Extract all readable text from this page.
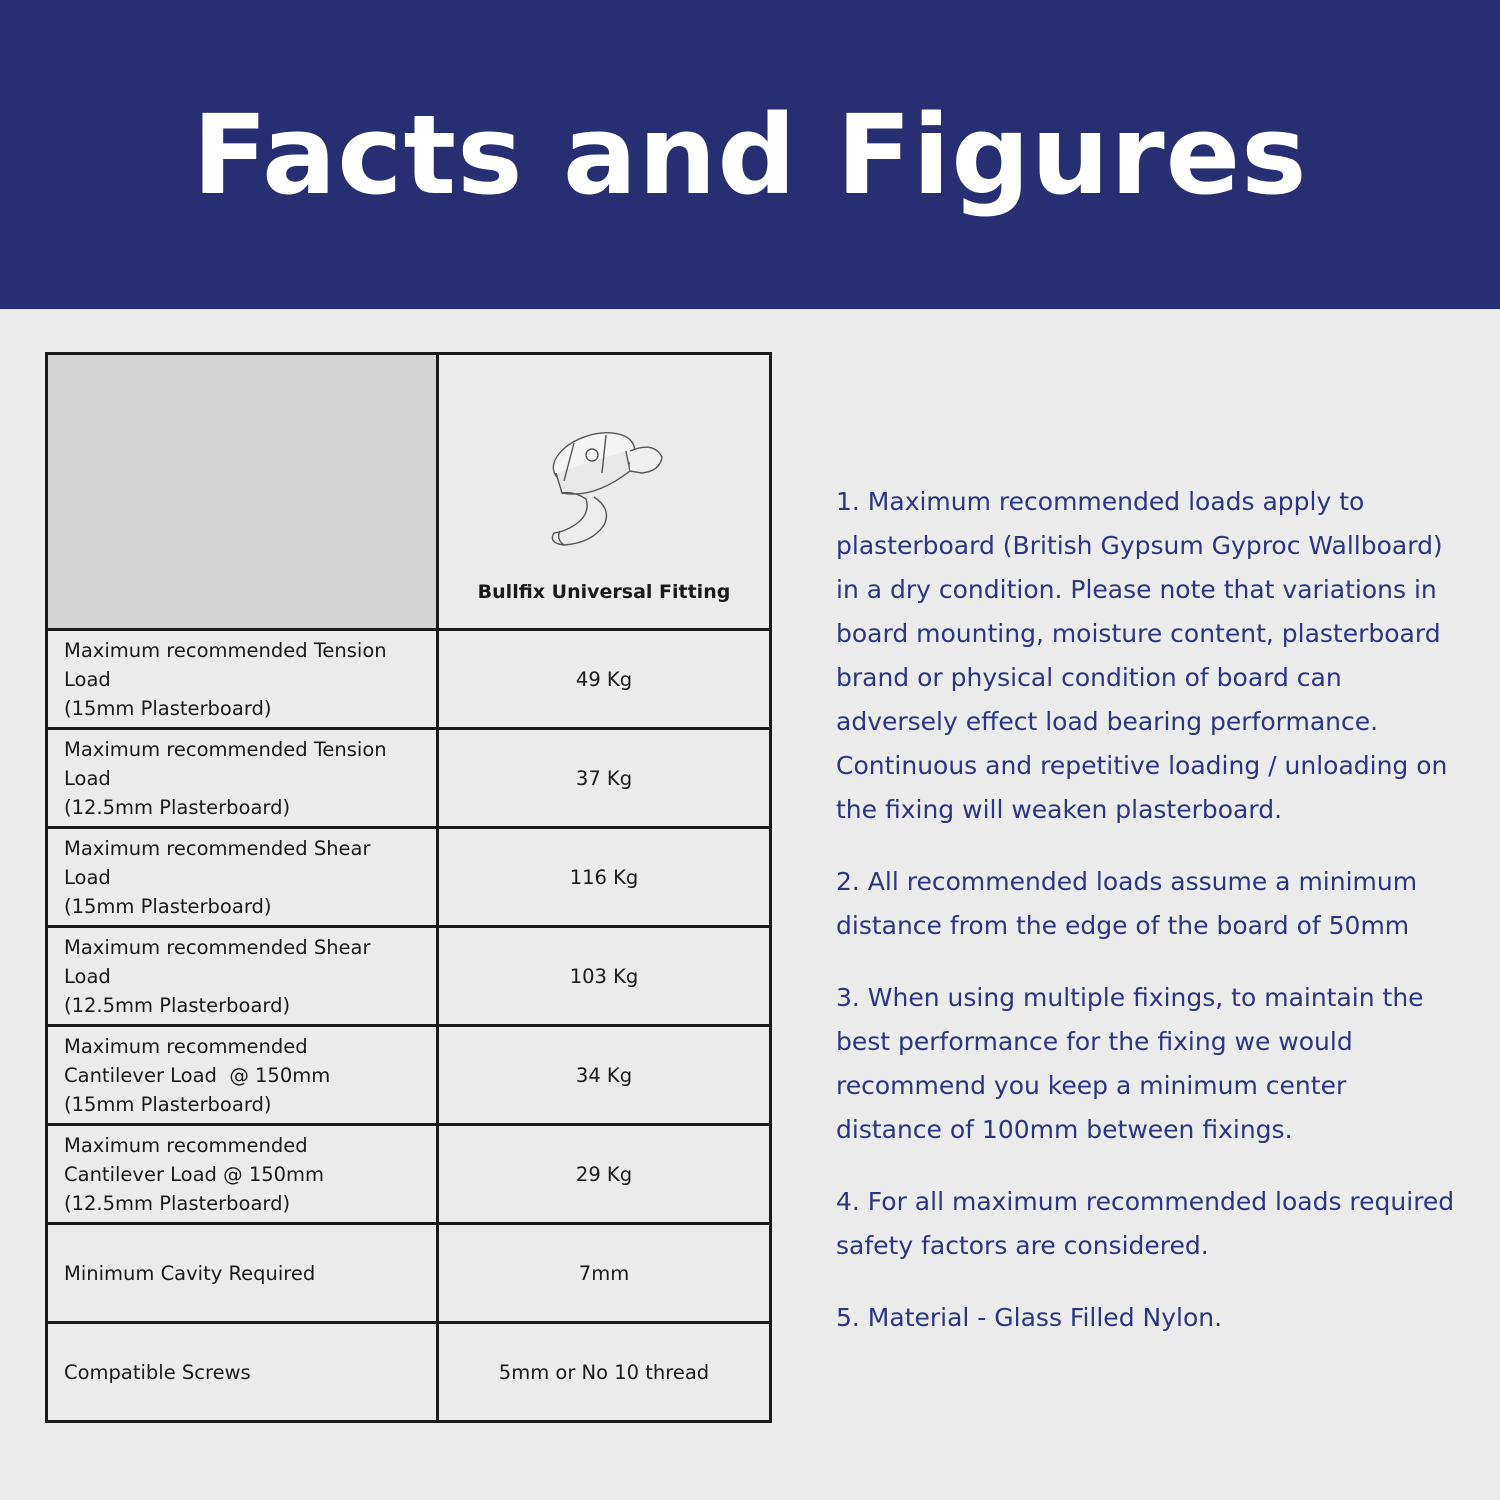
Facts and Figures

	Bullfix Universal Fitting

Maximum recommended Tension
Load
(15mm Plasterboard)	49 Kg

Maximum recommended Tension
Load
(12.5mm Plasterboard)	37 Kg

Maximum recommended Shear
Load
(15mm Plasterboard)	116 Kg

Maximum recommended Shear
Load
(12.5mm Plasterboard)	103 Kg

Maximum recommended
Cantilever Load  @ 150mm
(15mm Plasterboard)	34 Kg

Maximum recommended
Cantilever Load @ 150mm
(12.5mm Plasterboard)	29 Kg

Minimum Cavity Required	7mm

Compatible Screws	5mm or No 10 thread

1. Maximum recommended loads apply to plasterboard (British Gypsum Gyproc Wallboard) in a dry condition. Please note that variations in board mounting, moisture content, plasterboard brand or physical condition of board can adversely effect load bearing performance. Continuous and repetitive loading / unloading on the fixing will weaken plasterboard.

2. All recommended loads assume a minimum distance from the edge of the board of 50mm

3. When using multiple fixings, to maintain the best performance for the fixing we would recommend you keep a minimum center distance of 100mm between fixings.

4. For all maximum recommended loads required safety factors are considered.

5. Material - Glass Filled Nylon.
